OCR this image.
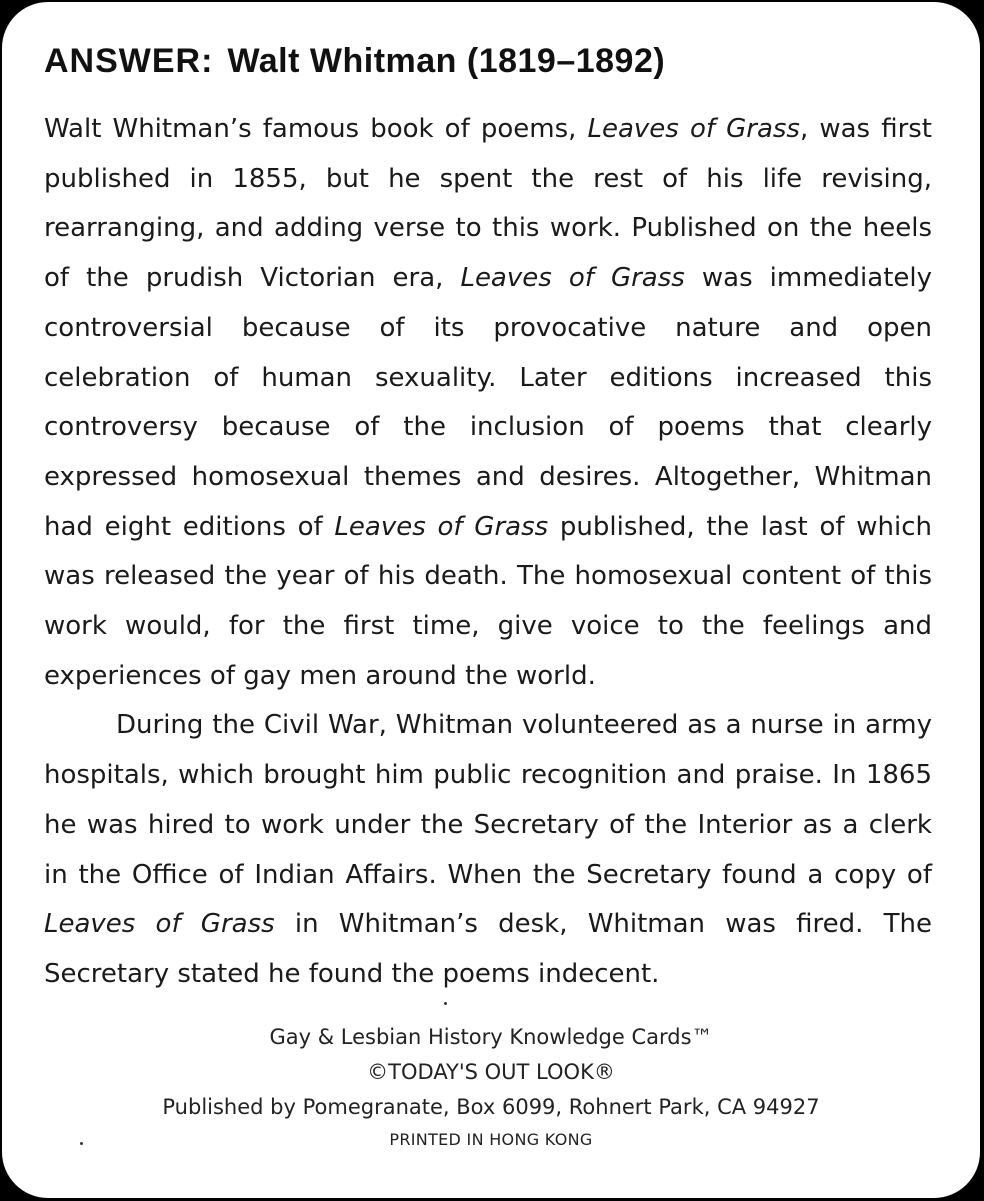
ANSWER: Walt Whitman (1819–1892)

Walt Whitman’s famous book of poems, Leaves of Grass, was first published in 1855, but he spent the rest of his life revising, rearranging, and adding verse to this work. Published on the heels of the prudish Victorian era, Leaves of Grass was immediately controversial because of its provocative nature and open celebration of human sexuality. Later editions increased this controversy because of the inclusion of poems that clearly expressed homosexual themes and desires. Altogether, Whitman had eight editions of Leaves of Grass published, the last of which was released the year of his death. The homosexual content of this work would, for the first time, give voice to the feelings and experiences of gay men around the world.

During the Civil War, Whitman volunteered as a nurse in army hospitals, which brought him public recognition and praise. In 1865 he was hired to work under the Secretary of the Interior as a clerk in the Office of Indian Affairs. When the Secretary found a copy of Leaves of Grass in Whitman’s desk, Whitman was fired. The Secretary stated he found the poems indecent.

Gay & Lesbian History Knowledge Cards™
©TODAY'S OUT LOOK®
Published by Pomegranate, Box 6099, Rohnert Park, CA 94927
PRINTED IN HONG KONG
